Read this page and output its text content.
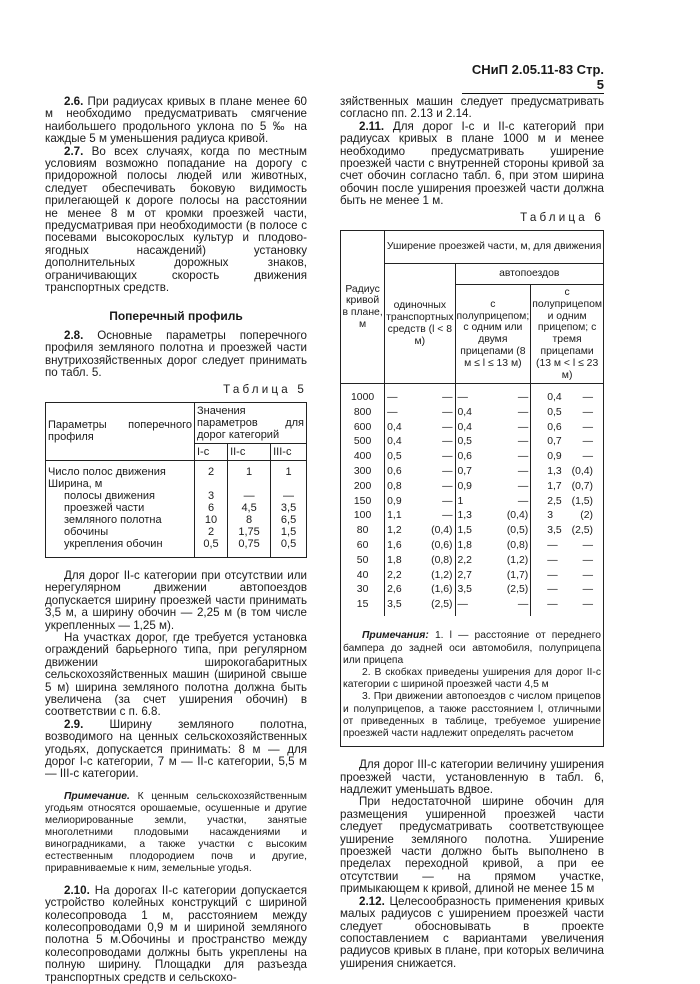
СНиП 2.05.11-83 Стр. 5

2.6. При радиусах кривых в плане менее 60 м необходимо предусматривать смягчение наибольшего продольного уклона по 5 ‰ на каждые 5 м уменьшения радиуса кривой.

2.7. Во всех случаях, когда по местным условиям возможно попадание на дорогу с придорожной полосы людей или животных, следует обеспечивать боковую видимость прилегающей к дороге полосы на расстоянии не менее 8 м от кромки проезжей части, предусматривая при необходимости (в полосе с посевами высокорослых культур и плодово-ягодных насаждений) установку дополнительных дорожных знаков, ограничивающих скорость движения транспортных средств.

Поперечный профиль

2.8. Основные параметры поперечного профиля земляного полотна и проезжей части внутрихозяйственных дорог следует принимать по табл. 5.

Таблица 5
Параметры поперечного профиля	Значения параметров для дорог категорий		
	I-с	II-с	III-с
Число полос движения	2	1	1
Ширина, м			
полосы движения	3	—	—
проезжей части	6	4,5	3,5
земляного полотна	10	8	6,5
обочины	2	1,75	1,5
укрепления обочин	0,5	0,75	0,5

Для дорог II-с категории при отсутствии или нерегулярном движении автопоездов допускается ширину проезжей части принимать 3,5 м, а ширину обочин — 2,25 м (в том числе укрепленных — 1,25 м).

На участках дорог, где требуется установка ограждений барьерного типа, при регулярном движении широкогабаритных сельскохозяйственных машин (шириной свыше 5 м) ширина земляного полотна должна быть увеличена (за счет уширения обочин) в соответствии с п. 6.8.

2.9. Ширину земляного полотна, возводимого на ценных сельскохозяйственных угодьях, допускается принимать: 8 м — для дорог I-с категории, 7 м — II-с категории, 5,5 м — III-с категории.

Примечание. К ценным сельскохозяйственным угодьям относятся орошаемые, осушенные и другие мелиорированные земли, участки, занятые многолетними плодовыми насаждениями и виноградниками, а также участки с высоким естественным плодородием почв и другие, приравниваемые к ним, земельные угодья.

2.10. На дорогах II-с категории допускается устройство колейных конструкций с шириной колесопровода 1 м, расстоянием между колесопроводами 0,9 м и шириной земляного полотна 5 м.Обочины и пространство между колесопроводами должны быть укреплены на полную ширину. Площадки для разъезда транспортных средств и сельскохо-

зяйственных машин следует предусматривать согласно пп. 2.13 и 2.14.

2.11. Для дорог I-с и II-с категорий при радиусах кривых в плане 1000 м и менее необходимо предусматривать уширение проезжей части с внутренней стороны кривой за счет обочин согласно табл. 6, при этом ширина обочин после уширения проезжей части должна быть не менее 1 м.

Таблица 6
Радиус кривой в плане, м	Уширение проезжей части, м, для движения		
	одиночных транспортных средств (l < 8 м)	автопоездов	
		с полуприцепом; с одним или двумя прицепами (8 м ≤ l ≤ 13 м)	с полуприцепом и одним прицепом; с тремя прицепами (13 м < l ≤ 23 м)
1000	— —	— —	0,4 —

800	— —	0,4 —	0,5 —

600	0,4 —	0,4 —	0,6 —

500	0,4 —	0,5 —	0,7 —

400	0,5 —	0,6 —	0,9 —

300	0,6 —	0,7 —	1,3 (0,4)

200	0,8 —	0,9 —	1,7 (0,7)

150	0,9 —	1 —	2,5 (1,5)

100	1,1 —	1,3 (0,4)	3 (2)

80	1,2 (0,4)	1,5 (0,5)	3,5 (2,5)

60	1,6 (0,6)	1,8 (0,8)	— —

50	1,8 (0,8)	2,2 (1,2)	— —

40	2,2 (1,2)	2,7 (1,7)	— —

30	2,6 (1,6)	3,5 (2,5)	— —

15	3,5 (2,5)	— —	— —

Примечания: 1. l — расстояние от переднего бампера до задней оси автомобиля, полуприцепа или прицепа

2. В скобках приведены уширения для дорог II-с категории с шириной проезжей части 4,5 м

3. При движении автопоездов с числом прицепов и полуприцепов, а также расстоянием l, отличными от приведенных в таблице, требуемое уширение проезжей части надлежит определять расчетом

Для дорог III-с категории величину уширения проезжей части, установленную в табл. 6, надлежит уменьшать вдвое.

При недостаточной ширине обочин для размещения уширенной проезжей части следует предусматривать соответствующее уширение земляного полотна. Уширение проезжей части должно быть выполнено в пределах переходной кривой, а при ее отсутствии — на прямом участке, примыкающем к кривой, длиной не менее 15 м

2.12. Целесообразность применения кривых малых радиусов с уширением проезжей части следует обосновывать в проекте сопоставлением с вариантами увеличения радиусов кривых в плане, при которых величина уширения снижается.
